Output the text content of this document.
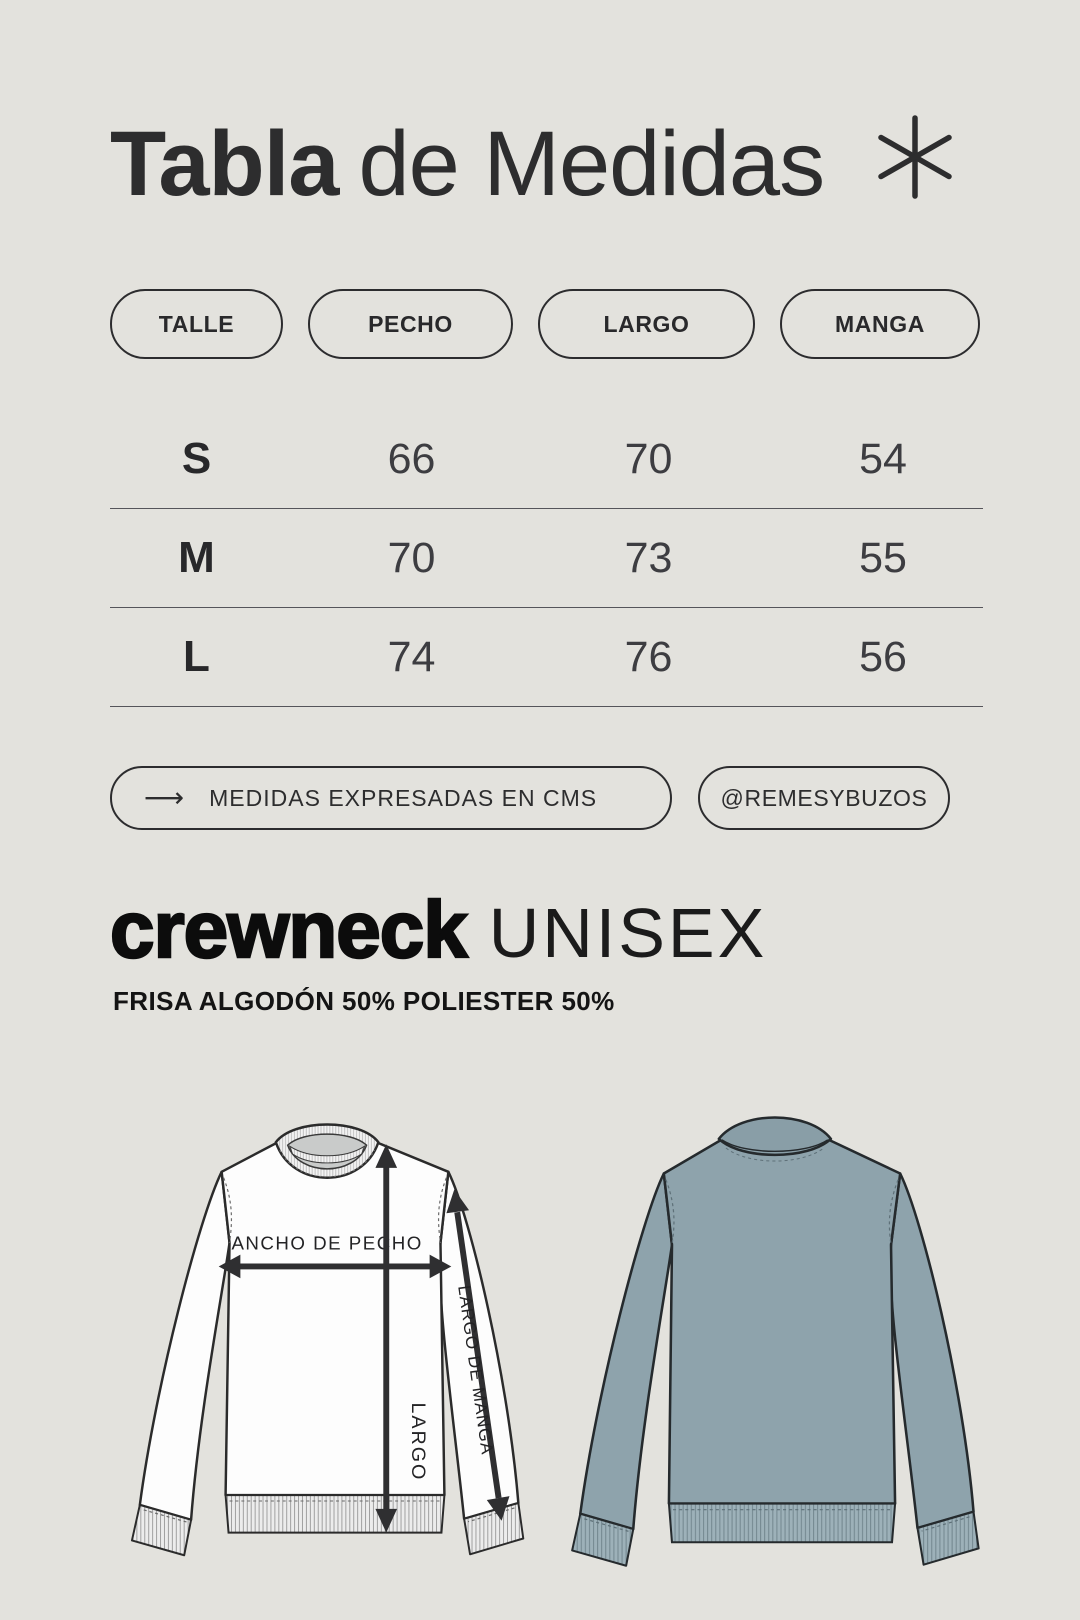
Tabla de Medidas
TALLE	PECHO	LARGO	MANGA
S	66	70	54
M	70	73	55
L	74	76	56
⟶ MEDIDAS EXPRESADAS EN CMS	@REMESYBUZOS
crewneck UNISEX
FRISA ALGODÓN 50% POLIESTER 50%
ANCHO DE PECHO
LARGO LARGO DE MANGA
